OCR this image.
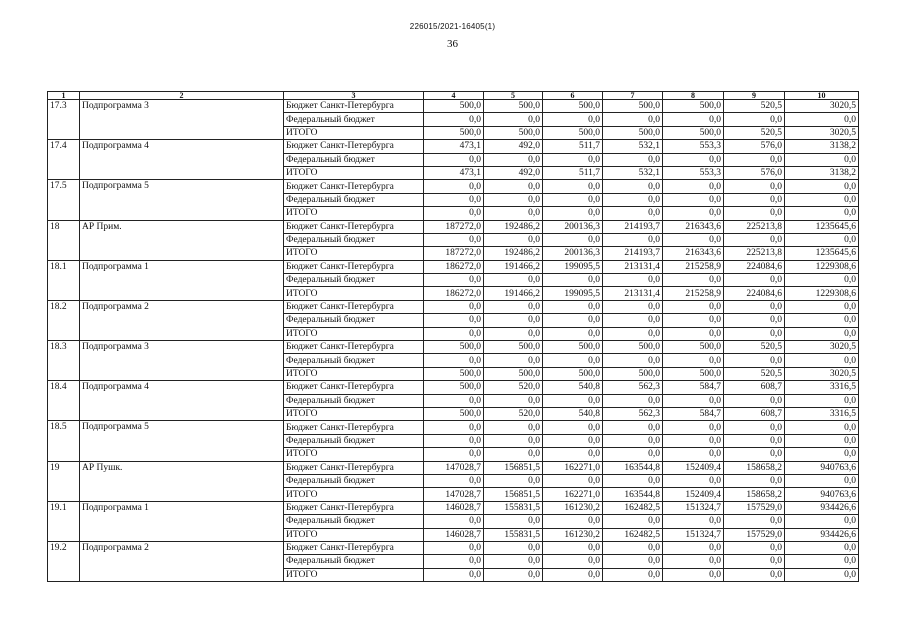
226015/2021-16405(1)
36
1	2	3	4	5	6	7	8	9	10
17.3	Подпрограмма 3	Бюджет Санкт-Петербурга	500,0	500,0	500,0	500,0	500,0	520,5	3020,5
		Федеральный бюджет	0,0	0,0	0,0	0,0	0,0	0,0	0,0
		ИТОГО	500,0	500,0	500,0	500,0	500,0	520,5	3020,5
17.4	Подпрограмма 4	Бюджет Санкт-Петербурга	473,1	492,0	511,7	532,1	553,3	576,0	3138,2
		Федеральный бюджет	0,0	0,0	0,0	0,0	0,0	0,0	0,0
		ИТОГО	473,1	492,0	511,7	532,1	553,3	576,0	3138,2
17.5	Подпрограмма 5	Бюджет Санкт-Петербурга	0,0	0,0	0,0	0,0	0,0	0,0	0,0
		Федеральный бюджет	0,0	0,0	0,0	0,0	0,0	0,0	0,0
		ИТОГО	0,0	0,0	0,0	0,0	0,0	0,0	0,0
18	АР Прим.	Бюджет Санкт-Петербурга	187272,0	192486,2	200136,3	214193,7	216343,6	225213,8	1235645,6
		Федеральный бюджет	0,0	0,0	0,0	0,0	0,0	0,0	0,0
		ИТОГО	187272,0	192486,2	200136,3	214193,7	216343,6	225213,8	1235645,6
18.1	Подпрограмма 1	Бюджет Санкт-Петербурга	186272,0	191466,2	199095,5	213131,4	215258,9	224084,6	1229308,6
		Федеральный бюджет	0,0	0,0	0,0	0,0	0,0	0,0	0,0
		ИТОГО	186272,0	191466,2	199095,5	213131,4	215258,9	224084,6	1229308,6
18.2	Подпрограмма 2	Бюджет Санкт-Петербурга	0,0	0,0	0,0	0,0	0,0	0,0	0,0
		Федеральный бюджет	0,0	0,0	0,0	0,0	0,0	0,0	0,0
		ИТОГО	0,0	0,0	0,0	0,0	0,0	0,0	0,0
18.3	Подпрограмма 3	Бюджет Санкт-Петербурга	500,0	500,0	500,0	500,0	500,0	520,5	3020,5
		Федеральный бюджет	0,0	0,0	0,0	0,0	0,0	0,0	0,0
		ИТОГО	500,0	500,0	500,0	500,0	500,0	520,5	3020,5
18.4	Подпрограмма 4	Бюджет Санкт-Петербурга	500,0	520,0	540,8	562,3	584,7	608,7	3316,5
		Федеральный бюджет	0,0	0,0	0,0	0,0	0,0	0,0	0,0
		ИТОГО	500,0	520,0	540,8	562,3	584,7	608,7	3316,5
18.5	Подпрограмма 5	Бюджет Санкт-Петербурга	0,0	0,0	0,0	0,0	0,0	0,0	0,0
		Федеральный бюджет	0,0	0,0	0,0	0,0	0,0	0,0	0,0
		ИТОГО	0,0	0,0	0,0	0,0	0,0	0,0	0,0
19	АР Пушк.	Бюджет Санкт-Петербурга	147028,7	156851,5	162271,0	163544,8	152409,4	158658,2	940763,6
		Федеральный бюджет	0,0	0,0	0,0	0,0	0,0	0,0	0,0
		ИТОГО	147028,7	156851,5	162271,0	163544,8	152409,4	158658,2	940763,6
19.1	Подпрограмма 1	Бюджет Санкт-Петербурга	146028,7	155831,5	161230,2	162482,5	151324,7	157529,0	934426,6
		Федеральный бюджет	0,0	0,0	0,0	0,0	0,0	0,0	0,0
		ИТОГО	146028,7	155831,5	161230,2	162482,5	151324,7	157529,0	934426,6
19.2	Подпрограмма 2	Бюджет Санкт-Петербурга	0,0	0,0	0,0	0,0	0,0	0,0	0,0
		Федеральный бюджет	0,0	0,0	0,0	0,0	0,0	0,0	0,0
		ИТОГО	0,0	0,0	0,0	0,0	0,0	0,0	0,0
